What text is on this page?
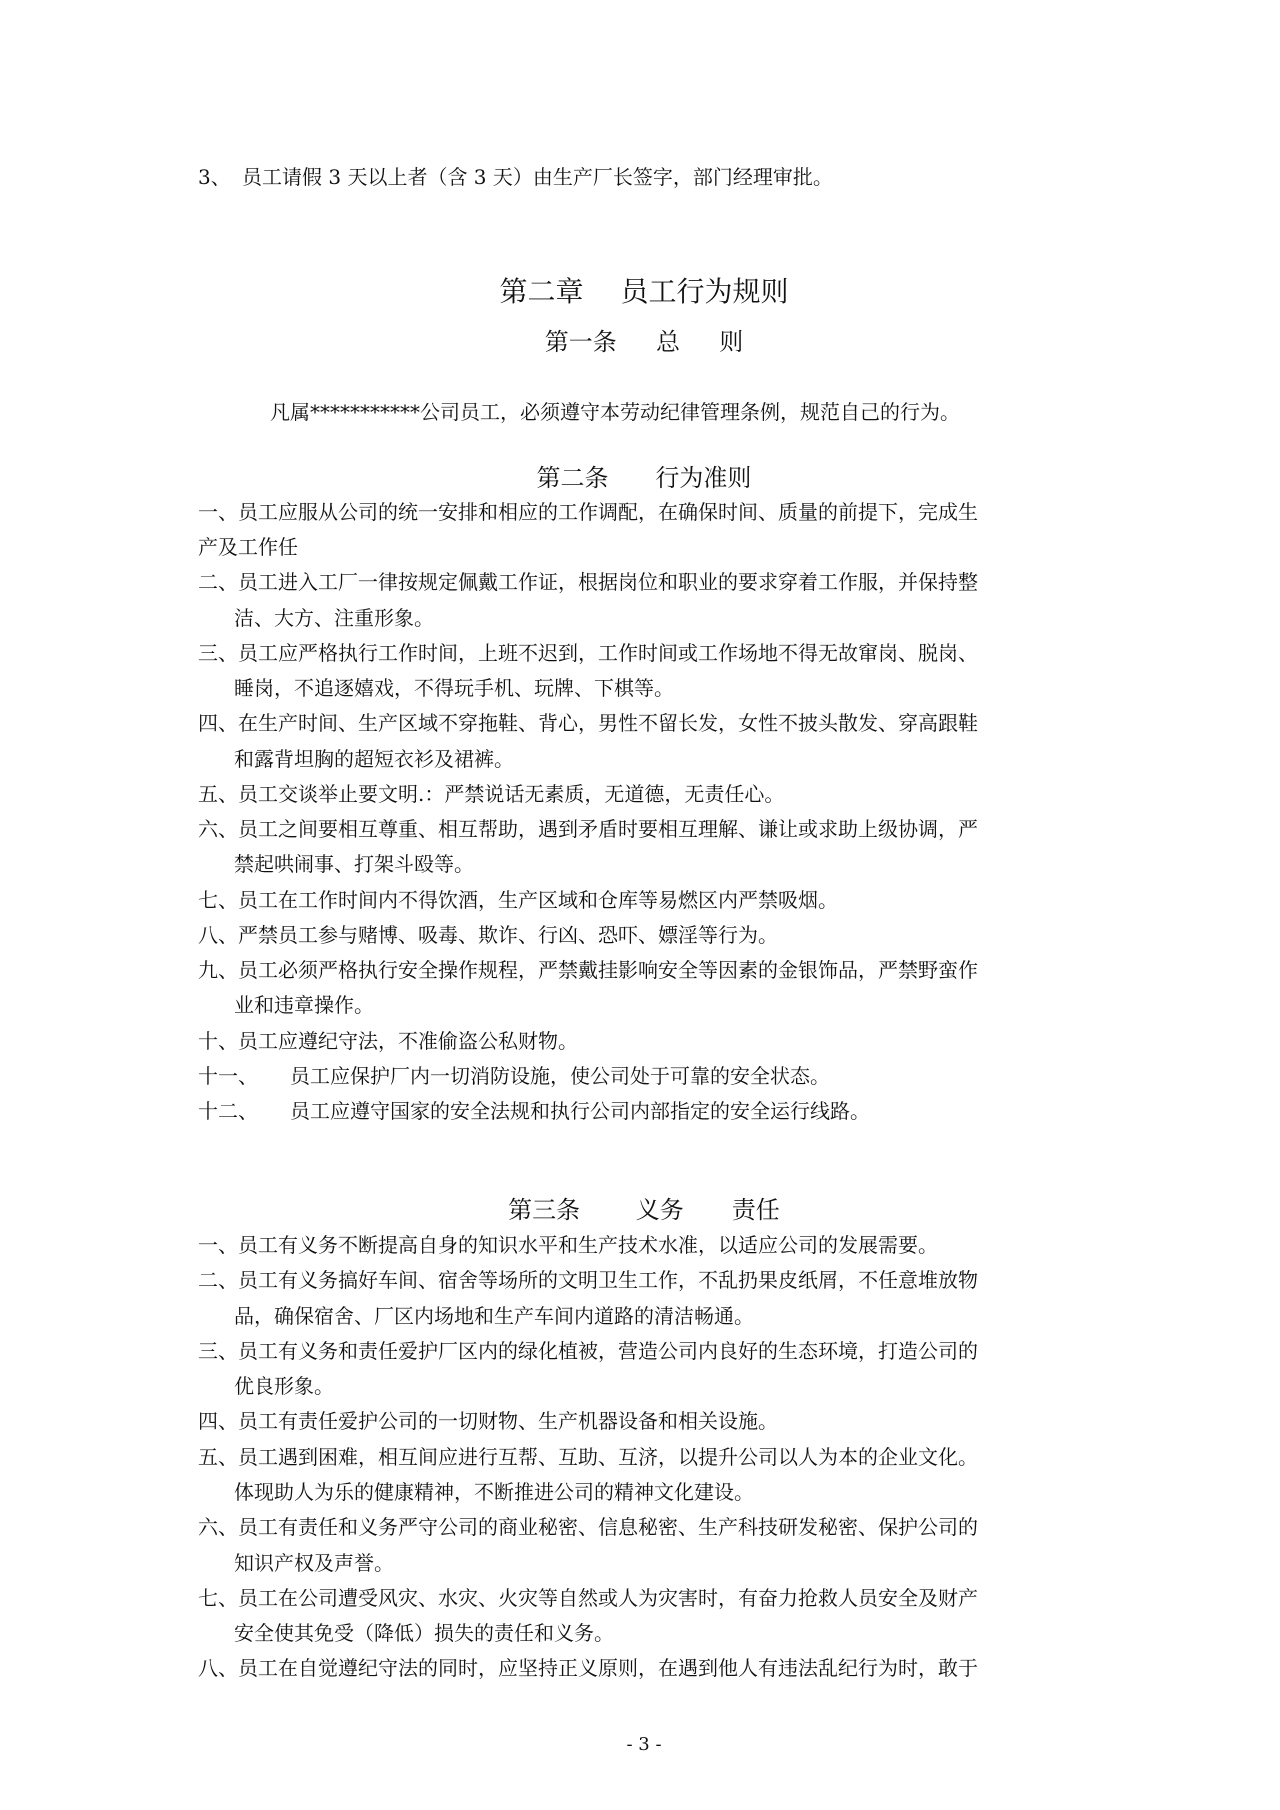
3、 员工请假 3 天以上者（含 3 天）由生产厂长签字，部门经理审批。
第二章　 员工行为规则
第一条　  总　  则
凡属***********公司员工，必须遵守本劳动纪律管理条例，规范自己的行为。
第二条　   行为准则
一、员工应服从公司的统一安排和相应的工作调配，在确保时间、质量的前提下，完成生
产及工作任
二、员工进入工厂一律按规定佩戴工作证，根据岗位和职业的要求穿着工作服，并保持整
洁、大方、注重形象。
三、员工应严格执行工作时间，上班不迟到，工作时间或工作场地不得无故窜岗、脱岗、
睡岗，不追逐嬉戏，不得玩手机、玩牌、下棋等。
四、在生产时间、生产区域不穿拖鞋、背心，男性不留长发，女性不披头散发、穿高跟鞋
和露背坦胸的超短衣衫及裙裤。
五、员工交谈举止要文明.：严禁说话无素质，无道德，无责任心。
六、员工之间要相互尊重、相互帮助，遇到矛盾时要相互理解、谦让或求助上级协调，严
禁起哄闹事、打架斗殴等。
七、员工在工作时间内不得饮酒，生产区域和仓库等易燃区内严禁吸烟。
八、严禁员工参与赌博、吸毒、欺诈、行凶、恐吓、嫖淫等行为。
九、员工必须严格执行安全操作规程，严禁戴挂影响安全等因素的金银饰品，严禁野蛮作
业和违章操作。
十、员工应遵纪守法，不准偷盗公私财物。
十一、 员工应保护厂内一切消防设施，使公司处于可靠的安全状态。
十二、 员工应遵守国家的安全法规和执行公司内部指定的安全运行线路。
第三条　　 义务　　责任
一、员工有义务不断提高自身的知识水平和生产技术水准，以适应公司的发展需要。
二、员工有义务搞好车间、宿舍等场所的文明卫生工作，不乱扔果皮纸屑，不任意堆放物
品，确保宿舍、厂区内场地和生产车间内道路的清洁畅通。
三、员工有义务和责任爱护厂区内的绿化植被，营造公司内良好的生态环境，打造公司的
优良形象。
四、员工有责任爱护公司的一切财物、生产机器设备和相关设施。
五、员工遇到困难，相互间应进行互帮、互助、互济，以提升公司以人为本的企业文化。
体现助人为乐的健康精神，不断推进公司的精神文化建设。
六、员工有责任和义务严守公司的商业秘密、信息秘密、生产科技研发秘密、保护公司的
知识产权及声誉。
七、员工在公司遭受风灾、水灾、火灾等自然或人为灾害时，有奋力抢救人员安全及财产
安全使其免受（降低）损失的责任和义务。
八、员工在自觉遵纪守法的同时，应坚持正义原则，在遇到他人有违法乱纪行为时，敢于
- 3 -
